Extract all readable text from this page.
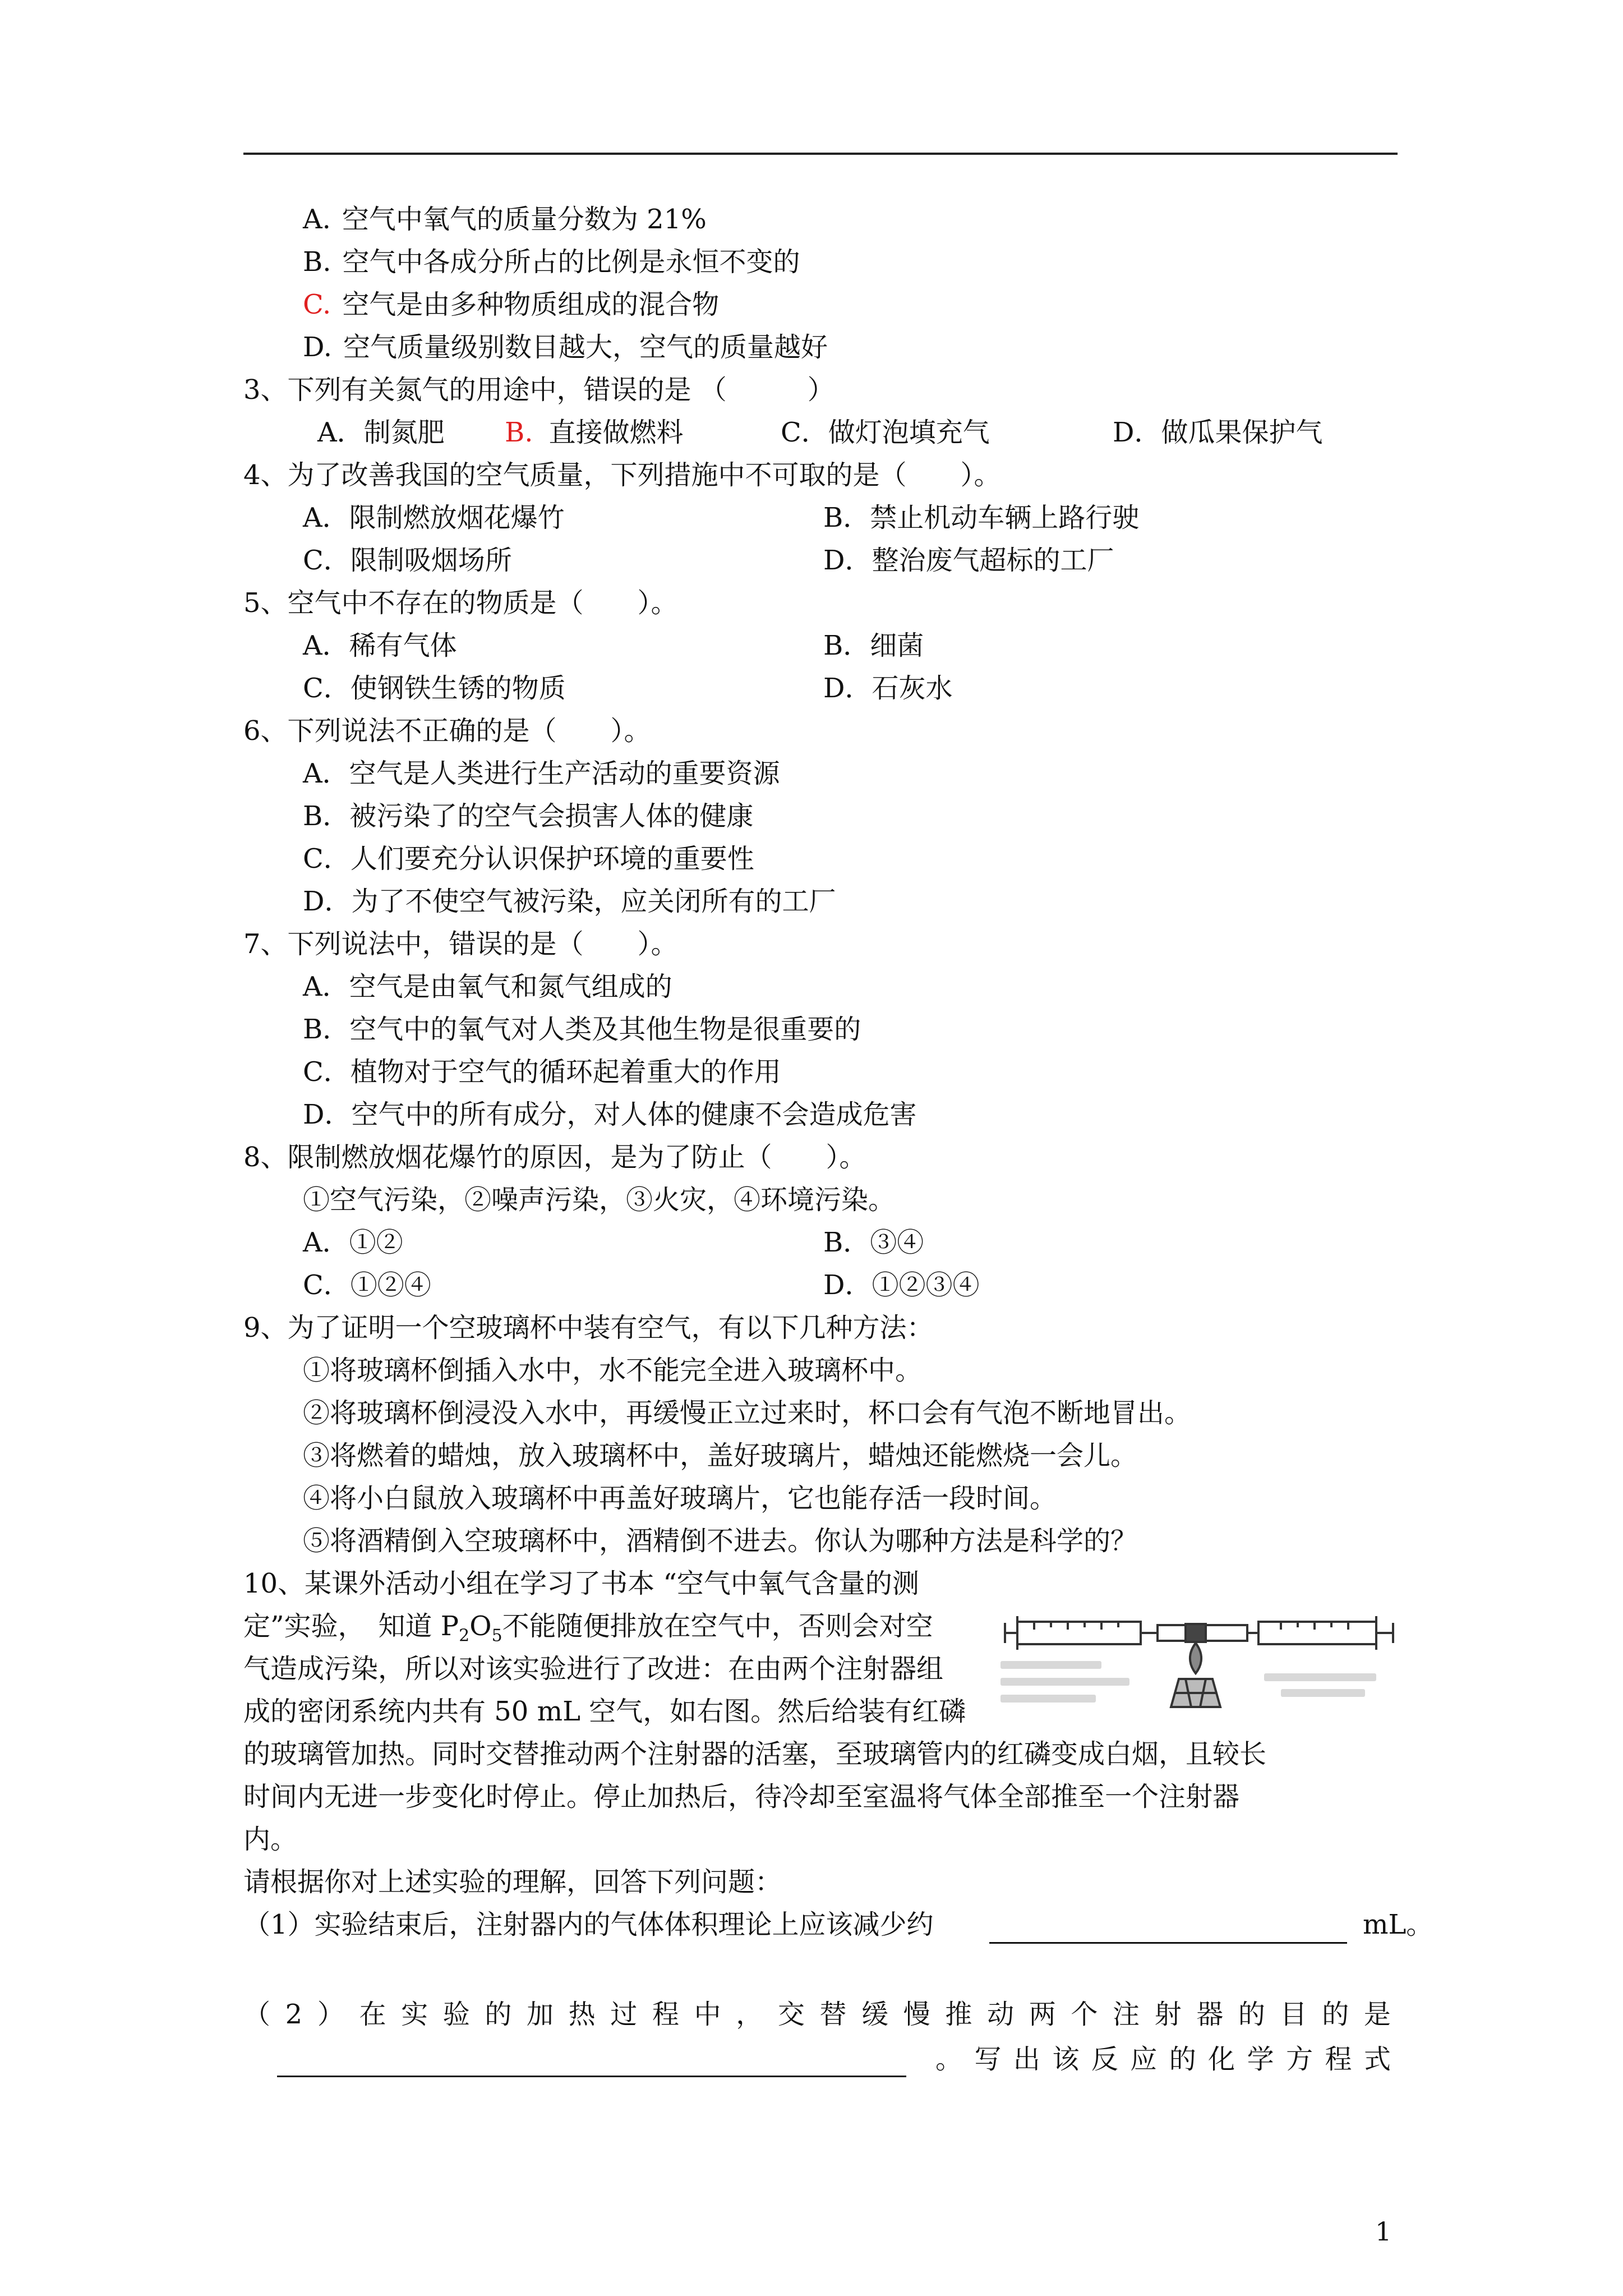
A. 空气中氧气的质量分数为 21%
B. 空气中各成分所占的比例是永恒不变的
C. 空气是由多种物质组成的混合物
D. 空气质量级别数目越大，空气的质量越好
3、下列有关氮气的用途中，错误的是 （　　　）
A．制氮肥 B. 直接做燃料	C．做灯泡填充气	D．做瓜果保护气
4、为了改善我国的空气质量，下列措施中不可取的是（　　）。
A．限制燃放烟花爆竹	B．禁止机动车辆上路行驶
C．限制吸烟场所	D．整治废气超标的工厂
5、空气中不存在的物质是（　　）。
A．稀有气体	B．细菌
C．使钢铁生锈的物质	D．石灰水
6、下列说法不正确的是（　　）。
A．空气是人类进行生产活动的重要资源
B．被污染了的空气会损害人体的健康
C．人们要充分认识保护环境的重要性
D．为了不使空气被污染，应关闭所有的工厂
7、下列说法中，错误的是（　　）。
A．空气是由氧气和氮气组成的
B．空气中的氧气对人类及其他生物是很重要的
C．植物对于空气的循环起着重大的作用
D．空气中的所有成分，对人体的健康不会造成危害
8、限制燃放烟花爆竹的原因，是为了防止（　　）。
①空气污染，②噪声污染，③火灾，④环境污染。
A．①②	B．③④
C．①②④	D．①②③④
9、为了证明一个空玻璃杯中装有空气，有以下几种方法：
①将玻璃杯倒插入水中，水不能完全进入玻璃杯中。
②将玻璃杯倒浸没入水中，再缓慢正立过来时，杯口会有气泡不断地冒出。
③将燃着的蜡烛，放入玻璃杯中，盖好玻璃片，蜡烛还能燃烧一会儿。
④将小白鼠放入玻璃杯中再盖好玻璃片，它也能存活一段时间。
⑤将酒精倒入空玻璃杯中，酒精倒不进去。你认为哪种方法是科学的？
10、某课外活动小组在学习了书本 “空气中氧气含量的测
定”实验，　知道 $P_2O_5$不能随便排放在空气中，否则会对空
气造成污染，所以对该实验进行了改进：在由两个注射器组
成的密闭系统内共有 50 mL 空气，如右图。然后给装有红磷
的玻璃管加热。同时交替推动两个注射器的活塞，至玻璃管内的红磷变成白烟，且较长
时间内无进一步变化时停止。停止加热后，待冷却至室温将气体全部推至一个注射器
内。
请根据你对上述实验的理解，回答下列问题：
（1）实验结束后，注射器内的气体体积理论上应该减少约	mL。
（ 2 ） 在 实 验 的 加 热 过 程 中 ， 交 替 缓 慢 推 动 两 个 注 射 器 的 目 的 是
。 写 出 该 反 应 的 化 学 方 程 式
1
